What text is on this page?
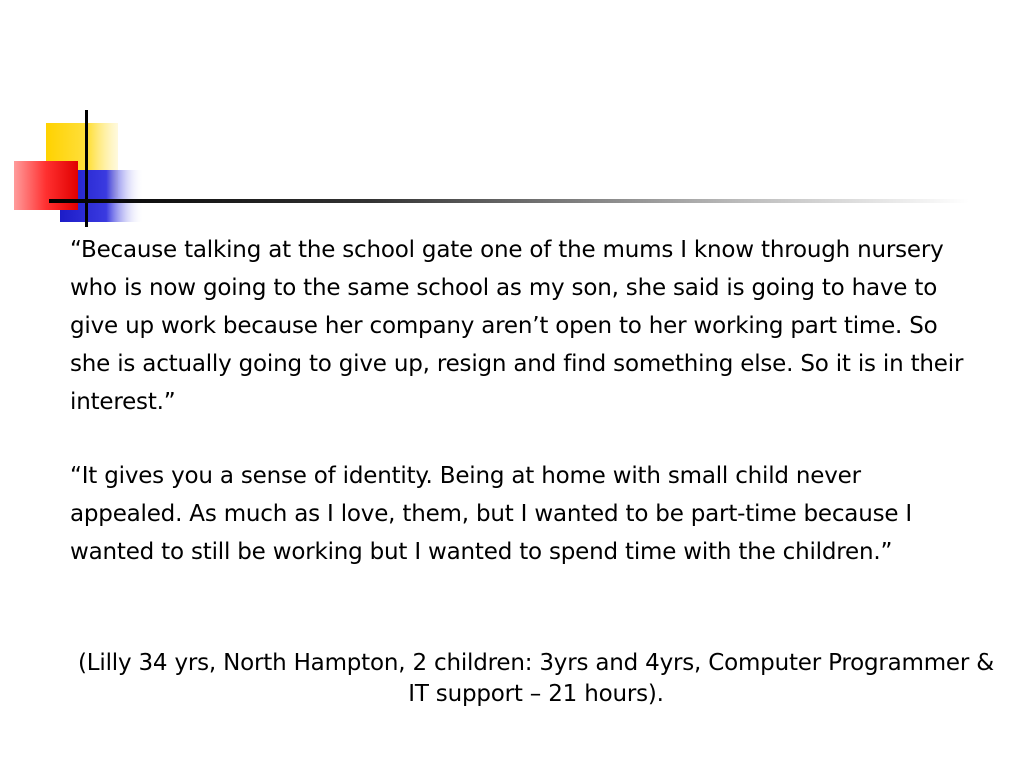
“Because talking at the school gate one of the mums I know through nursery who is now going to the same school as my son, she said is going to have to give up work because her company aren’t open to her working part time. So she is actually going to give up, resign and find something else. So it is in their interest.”

“It gives you a sense of identity. Being at home with small child never appealed. As much as I love, them, but I wanted to be part-time because I wanted to still be working but I wanted to spend time with the children.”

(Lilly 34 yrs, North Hampton, 2 children: 3yrs and 4yrs, Computer Programmer & IT support – 21 hours).
